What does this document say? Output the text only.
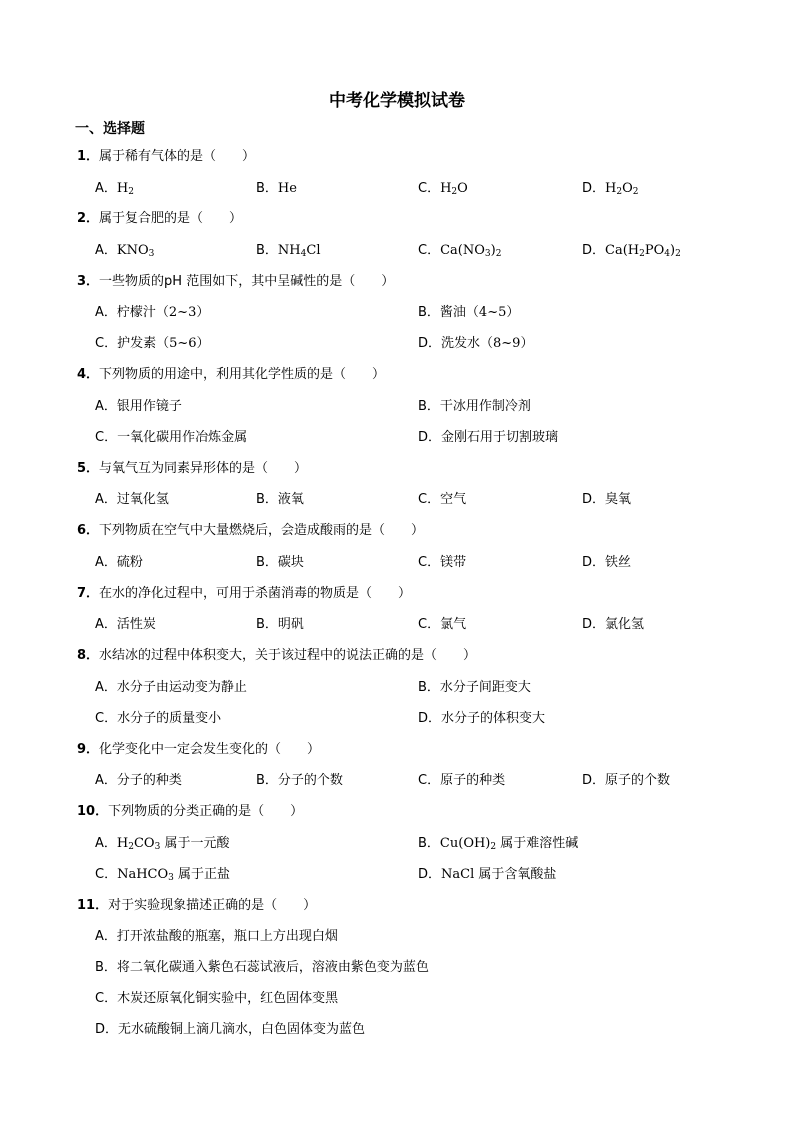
中考化学模拟试卷
一、选择题
1．属于稀有气体的是（　　）
A．$H_2$	B．He	C．$H_2O$	D．$H_2O_2$
2．属于复合肥的是（　　）
A．$KNO_3$	B．$NH_4Cl$	C．$Ca(NO_3)_2$	D．$Ca(H_2PO_4)_2$
3．一些物质的pH 范围如下，其中呈碱性的是（　　）
A．柠檬汁（2~3）	B．酱油（4~5）
C．护发素（5~6）	D．洗发水（8~9）
4．下列物质的用途中，利用其化学性质的是（　　）
A．银用作镜子	B．干冰用作制冷剂
C．一氧化碳用作冶炼金属	D．金刚石用于切割玻璃
5．与氧气互为同素异形体的是（　　）
A．过氧化氢	B．液氧	C．空气	D．臭氧
6．下列物质在空气中大量燃烧后，会造成酸雨的是（　　）
A．硫粉	B．碳块	C．镁带	D．铁丝
7．在水的净化过程中，可用于杀菌消毒的物质是（　　）
A．活性炭	B．明矾	C．氯气	D．氯化氢
8．水结冰的过程中体积变大，关于该过程中的说法正确的是（　　）
A．水分子由运动变为静止	B．水分子间距变大
C．水分子的质量变小	D．水分子的体积变大
9．化学变化中一定会发生变化的（　　）
A．分子的种类	B．分子的个数	C．原子的种类	D．原子的个数
10．下列物质的分类正确的是（　　）
A．$H_2CO_3$ 属于一元酸	B．$Cu(OH)_2$ 属于难溶性碱
C．NaHCO$_3$ 属于正盐	D．NaCl 属于含氧酸盐
11．对于实验现象描述正确的是（　　）
A．打开浓盐酸的瓶塞，瓶口上方出现白烟
B．将二氧化碳通入紫色石蕊试液后，溶液由紫色变为蓝色
C．木炭还原氧化铜实验中，红色固体变黑
D．无水硫酸铜上滴几滴水，白色固体变为蓝色
